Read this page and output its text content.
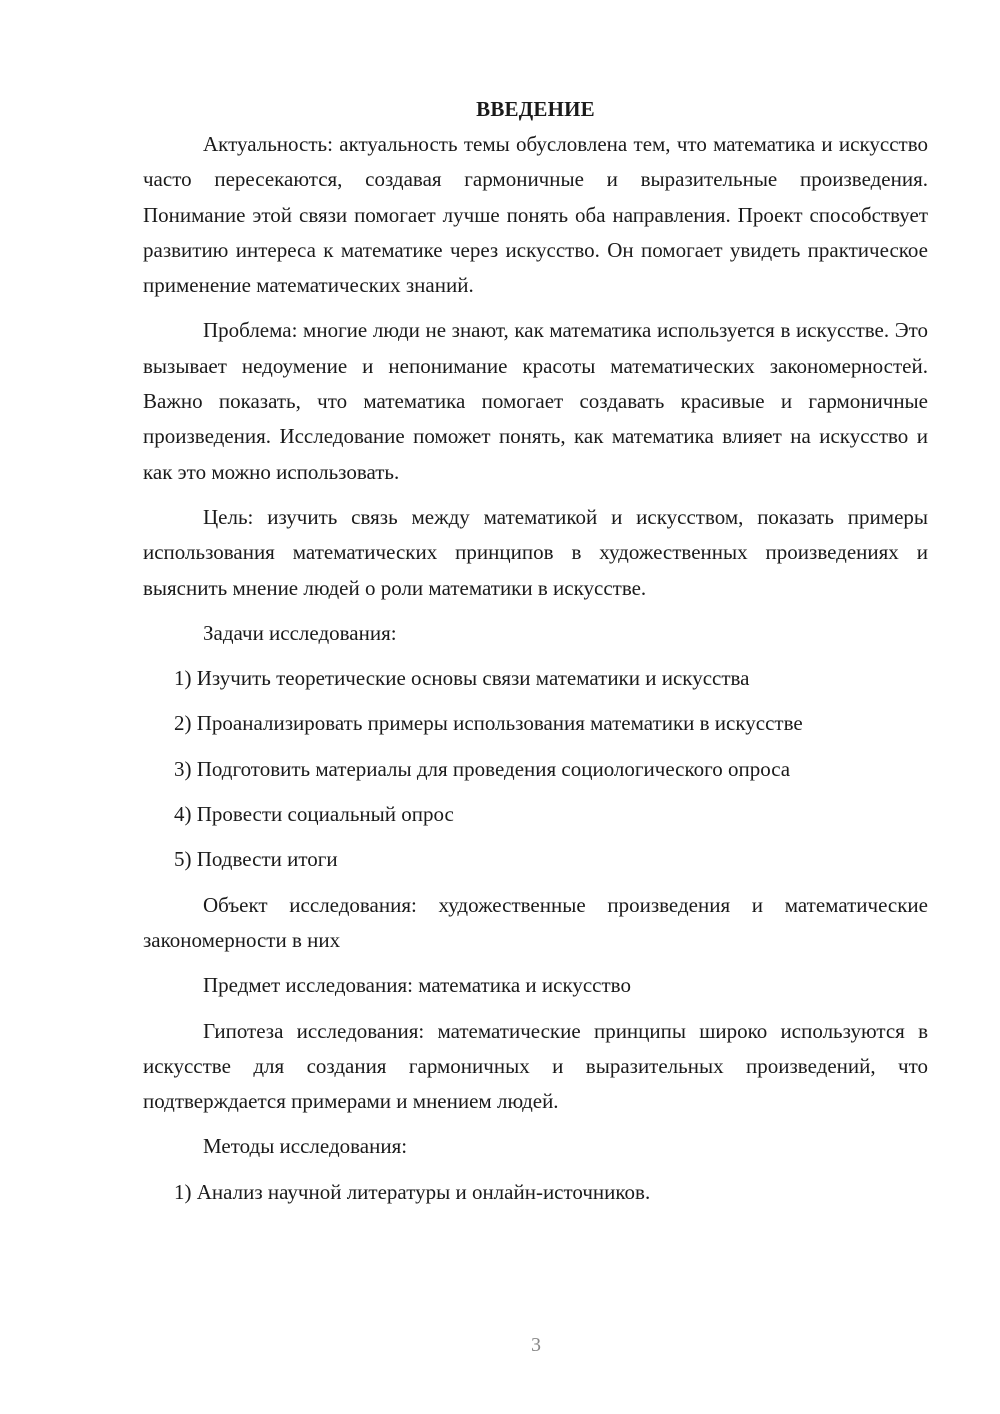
ВВЕДЕНИЕ

Актуальность: актуальность темы обусловлена тем, что математика и искусство часто пересекаются, создавая гармоничные и выразительные произведения. Понимание этой связи помогает лучше понять оба направления. Проект способствует развитию интереса к математике через искусство. Он помогает увидеть практическое применение математических знаний.

Проблема: многие люди не знают, как математика используется в искусстве. Это вызывает недоумение и непонимание красоты математических закономерностей. Важно показать, что математика помогает создавать красивые и гармоничные произведения. Исследование поможет понять, как математика влияет на искусство и как это можно использовать.

Цель: изучить связь между математикой и искусством, показать примеры использования математических принципов в художественных произведениях и выяснить мнение людей о роли математики в искусстве.

Задачи исследования:
1) Изучить теоретические основы связи математики и искусства
2) Проанализировать примеры использования математики в искусстве
3) Подготовить материалы для проведения социологического опроса
4) Провести социальный опрос
5) Подвести итоги

Объект исследования: художественные произведения и математические закономерности в них

Предмет исследования: математика и искусство

Гипотеза исследования: математические принципы широко используются в искусстве для создания гармоничных и выразительных произведений, что подтверждается примерами и мнением людей.

Методы исследования:
1) Анализ научной литературы и онлайн-источников.
3
